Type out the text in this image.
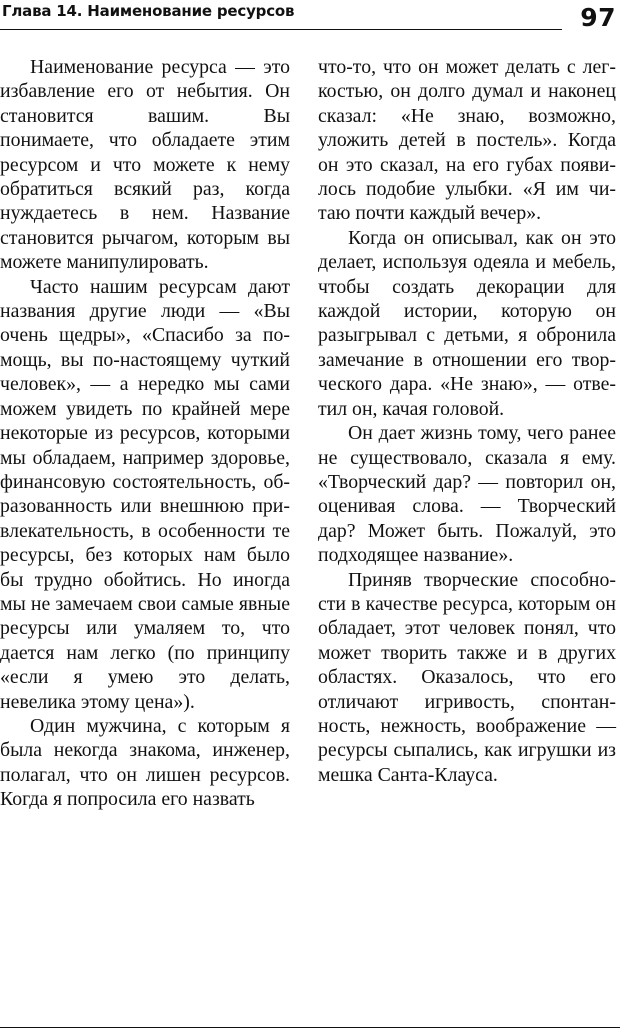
Глава 14. Наименование ресурсов	97

Наименование ресурса — это избавление его от небытия. Он становится вашим. Вы понимаете, что обладаете этим ресурсом и что можете к нему обратиться всякий раз, когда нуждаетесь в нем. Название становится рычагом, которым вы можете манипулировать.

Часто нашим ресурсам дают названия другие люди — «Вы очень щедры», «Спасибо за помощь, вы по-настоящему чуткий человек», — а нередко мы сами можем увидеть по крайней мере некоторые из ресурсов, которыми мы обладаем, например здоровье, финансовую состоятельность, образованность или внешнюю привлекательность, в особенности те ресурсы, без которых нам было бы трудно обойтись. Но иногда мы не замечаем свои самые явные ресурсы или умаляем то, что дается нам легко (по принципу «если я умею это делать, невелика этому цена»).

Один мужчина, с которым я была некогда знакома, инженер, полагал, что он лишен ресурсов. Когда я попросила его назвать

что-то, что он может делать с легкостью, он долго думал и наконец сказал: «Не знаю, возможно, уложить детей в постель». Когда он это сказал, на его губах появилось подобие улыбки. «Я им читаю почти каждый вечер».

Когда он описывал, как он это делает, используя одеяла и мебель, чтобы создать декорации для каждой истории, которую он разыгрывал с детьми, я обронила замечание в отношении его творческого дара. «Не знаю», — ответил он, качая головой.

Он дает жизнь тому, чего ранее не существовало, сказала я ему. «Творческий дар? — повторил он, оценивая слова. — Творческий дар? Может быть. Пожалуй, это подходящее название».

Приняв творческие способности в качестве ресурса, которым он обладает, этот человек понял, что может творить также и в других областях. Оказалось, что его отличают игривость, спонтанность, нежность, воображение — ресурсы сыпались, как игрушки из мешка Санта-Клауса.
